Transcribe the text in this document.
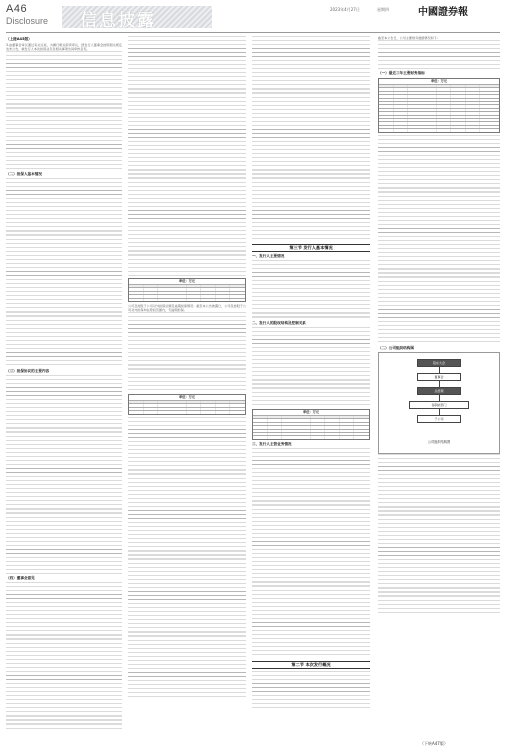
A46
Disclosure 信息披露
2023年4月27日	星期四	中國證券報
（上接A45版）

3.由董事会审议通过有关议案，为履行相关职责审议，经发行人董事会按照相关规定发布公告，就发行人本次担保业务及相关事项出具审核意见。

（二）担保人基本情况

（三）担保协议的主要内容

（四）董事会意见

单位：万元

公司及控股子公司对外担保总额及逾期担保情况：截至本公告披露日，公司及控股子公司对外担保均在授权范围内，无逾期担保。

单位：万元

第三节 发行人基本情况
一、发行人主要情况

二、发行人的股权结构及控制关系

单位：万元
三、发行人主营业务情况

第二节 本次发行概况

截至本公告日，公司主要财务数据情况如下：

（一）最近三年主要财务指标
单位：万元

（二）公司组织结构图
股东大会
董事会
总经理
各职能部门
子公司
公司组织结构图

（下转A47版）
